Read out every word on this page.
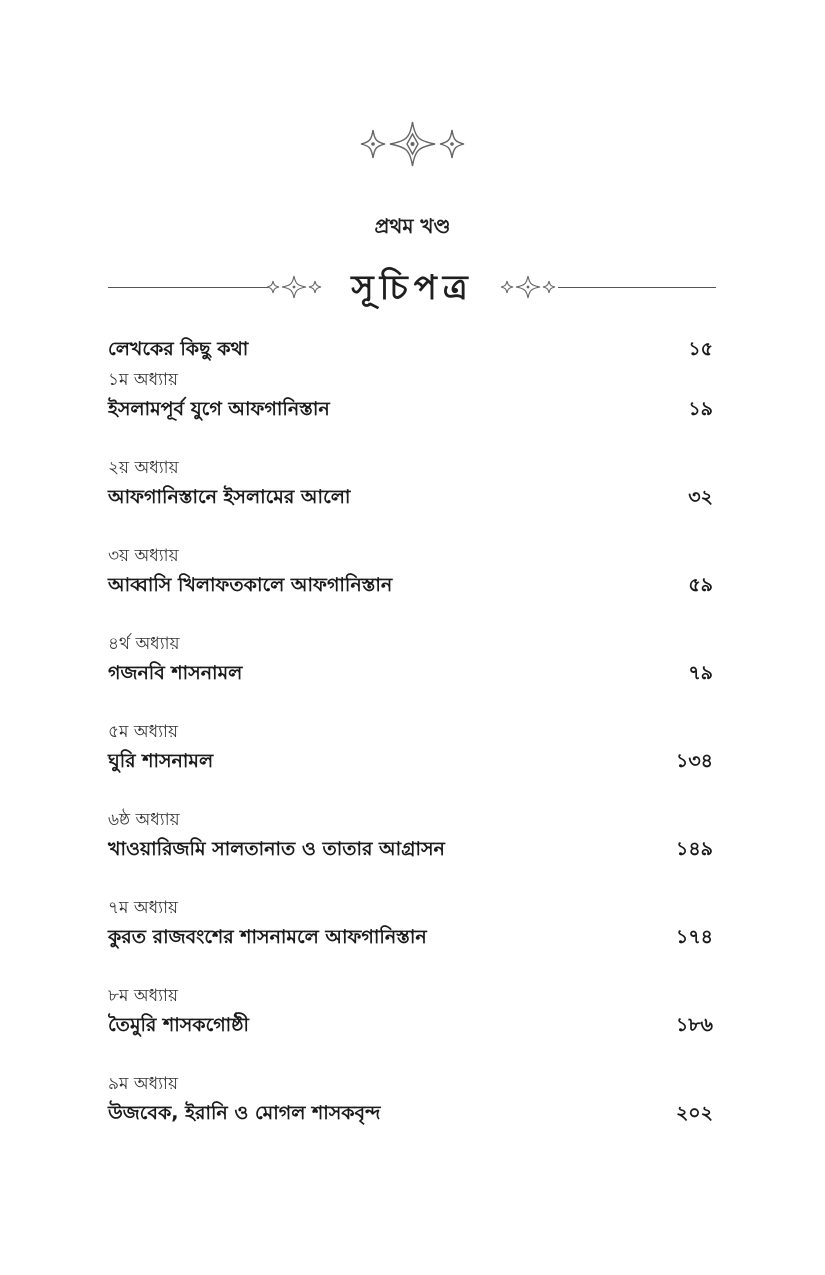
প্রথম খণ্ড
সূচিপত্র
লেখকের কিছু কথা	১৫
১ম অধ্যায়
ইসলামপূর্ব যুগে আফগানিস্তান	১৯
২য় অধ্যায়
আফগানিস্তানে ইসলামের আলো	৩২
৩য় অধ্যায়
আব্বাসি খিলাফতকালে আফগানিস্তান	৫৯
৪র্থ অধ্যায়
গজনবি শাসনামল	৭৯
৫ম অধ্যায়
ঘুরি শাসনামল	১৩৪
৬ষ্ঠ অধ্যায়
খাওয়ারিজমি সালতানাত ও তাতার আগ্রাসন	১৪৯
৭ম অধ্যায়
কুরত রাজবংশের শাসনামলে আফগানিস্তান	১৭৪
৮ম অধ্যায়
তৈমুরি শাসকগোষ্ঠী	১৮৬
৯ম অধ্যায়
উজবেক, ইরানি ও মোগল শাসকবৃন্দ	২০২
